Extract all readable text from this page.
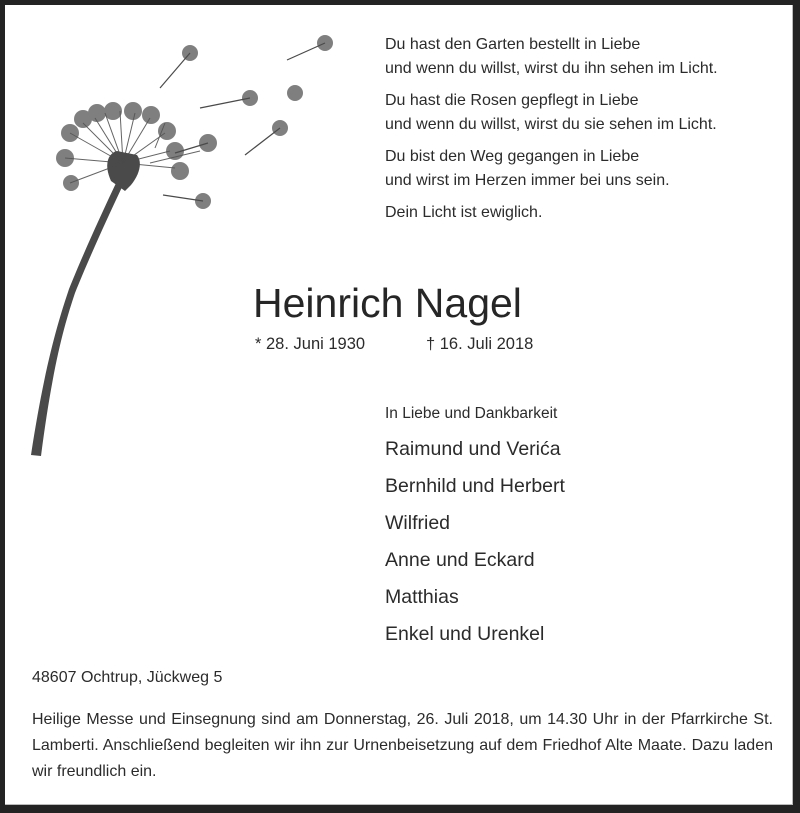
Du hast den Garten bestellt in Liebe
und wenn du willst, wirst du ihn sehen im Licht.
Du hast die Rosen gepflegt in Liebe
und wenn du willst, wirst du sie sehen im Licht.
Du bist den Weg gegangen in Liebe
und wirst im Herzen immer bei uns sein.
Dein Licht ist ewiglich.
Heinrich Nagel
* 28. Juni 1930	† 16. Juli 2018
In Liebe und Dankbarkeit
Raimund und Verića
Bernhild und Herbert
Wilfried
Anne und Eckard
Matthias
Enkel und Urenkel
48607 Ochtrup, Jückweg 5
Heilige Messe und Einsegnung sind am Donnerstag, 26. Juli 2018, um 14.30 Uhr in der Pfarrkirche St. Lamberti. Anschließend begleiten wir ihn zur Urnenbeisetzung auf dem Friedhof Alte Maate. Dazu laden wir freundlich ein.
